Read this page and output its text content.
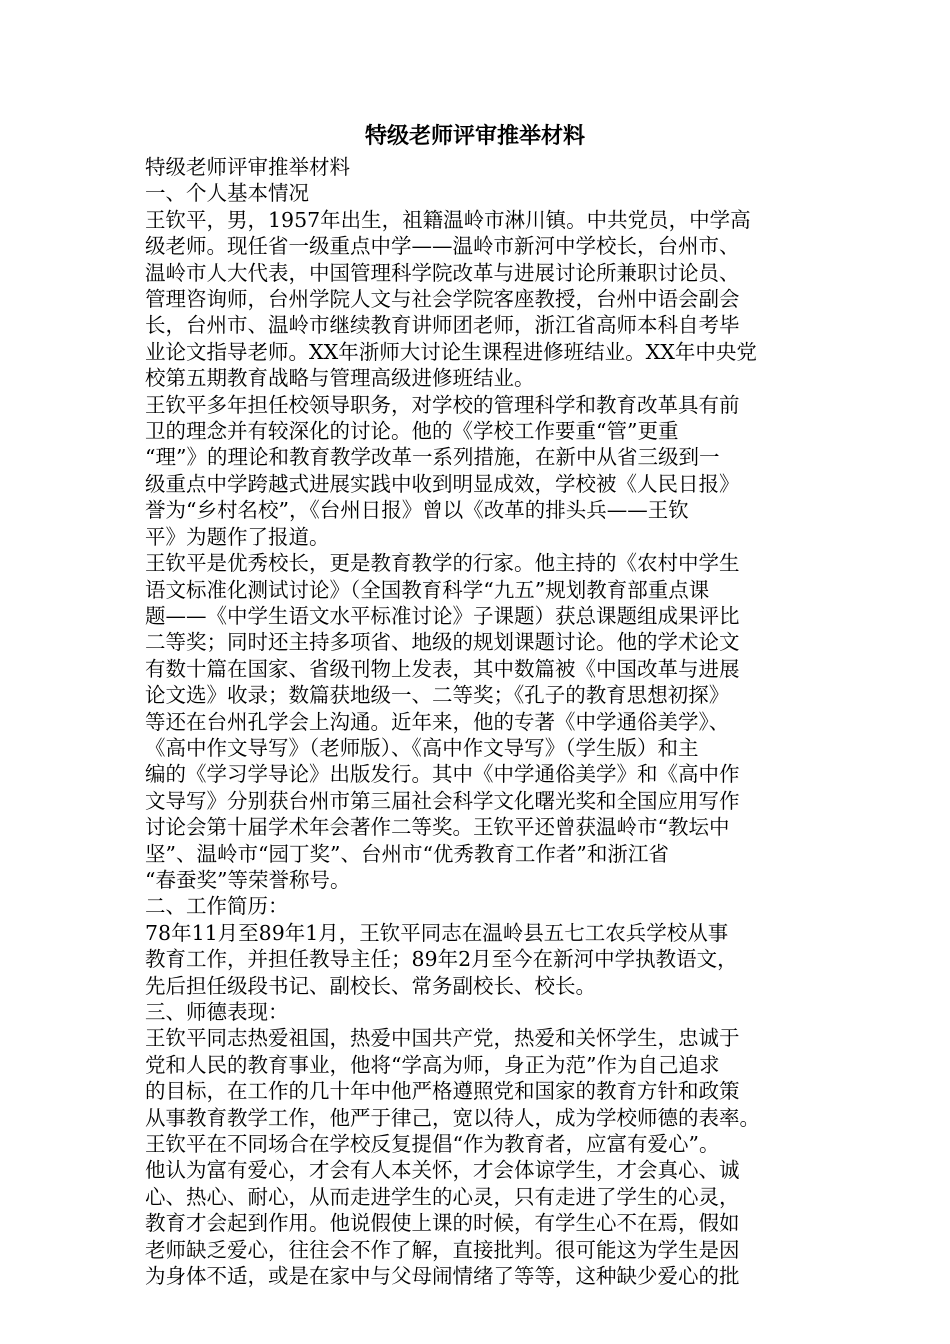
特级老师评审推举材料
特级老师评审推举材料
一、个人基本情况
王钦平，男，1957年出生，祖籍温岭市淋川镇。中共党员，中学高
级老师。现任省一级重点中学——温岭市新河中学校长，台州市、
温岭市人大代表，中国管理科学院改革与进展讨论所兼职讨论员、
管理咨询师，台州学院人文与社会学院客座教授，台州中语会副会
长，台州市、温岭市继续教育讲师团老师，浙江省高师本科自考毕
业论文指导老师。XX年浙师大讨论生课程进修班结业。XX年中央党
校第五期教育战略与管理高级进修班结业。
王钦平多年担任校领导职务，对学校的管理科学和教育改革具有前
卫的理念并有较深化的讨论。他的《学校工作要重“管”更重
“理”》的理论和教育教学改革一系列措施，在新中从省三级到一
级重点中学跨越式进展实践中收到明显成效，学校被《人民日报》
誉为“乡村名校”，《台州日报》曾以《改革的排头兵——王钦
平》为题作了报道。
王钦平是优秀校长，更是教育教学的行家。他主持的《农村中学生
语文标准化测试讨论》（全国教育科学“九五”规划教育部重点课
题——《中学生语文水平标准讨论》子课题）获总课题组成果评比
二等奖；同时还主持多项省、地级的规划课题讨论。他的学术论文
有数十篇在国家、省级刊物上发表，其中数篇被《中国改革与进展
论文选》收录；数篇获地级一、二等奖；《孔子的教育思想初探》
等还在台州孔学会上沟通。近年来，他的专著《中学通俗美学》、
《高中作文导写》（老师版）、《高中作文导写》（学生版）和主
编的《学习学导论》出版发行。其中《中学通俗美学》和《高中作
文导写》分别获台州市第三届社会科学文化曙光奖和全国应用写作
讨论会第十届学术年会著作二等奖。王钦平还曾获温岭市“教坛中
坚”、温岭市“园丁奖”、台州市“优秀教育工作者”和浙江省
“春蚕奖”等荣誉称号。
二、工作简历：
78年11月至89年1月，王钦平同志在温岭县五七工农兵学校从事
教育工作，并担任教导主任；89年2月至今在新河中学执教语文，
先后担任级段书记、副校长、常务副校长、校长。
三、师德表现：
王钦平同志热爱祖国，热爱中国共产党，热爱和关怀学生，忠诚于
党和人民的教育事业，他将“学高为师，身正为范”作为自己追求
的目标，在工作的几十年中他严格遵照党和国家的教育方针和政策
从事教育教学工作，他严于律己，宽以待人，成为学校师德的表率。
王钦平在不同场合在学校反复提倡“作为教育者，应富有爱心”。
他认为富有爱心，才会有人本关怀，才会体谅学生，才会真心、诚
心、热心、耐心，从而走进学生的心灵，只有走进了学生的心灵，
教育才会起到作用。他说假使上课的时候，有学生心不在焉，假如
老师缺乏爱心，往往会不作了解，直接批判。很可能这为学生是因
为身体不适，或是在家中与父母闹情绪了等等，这种缺少爱心的批
